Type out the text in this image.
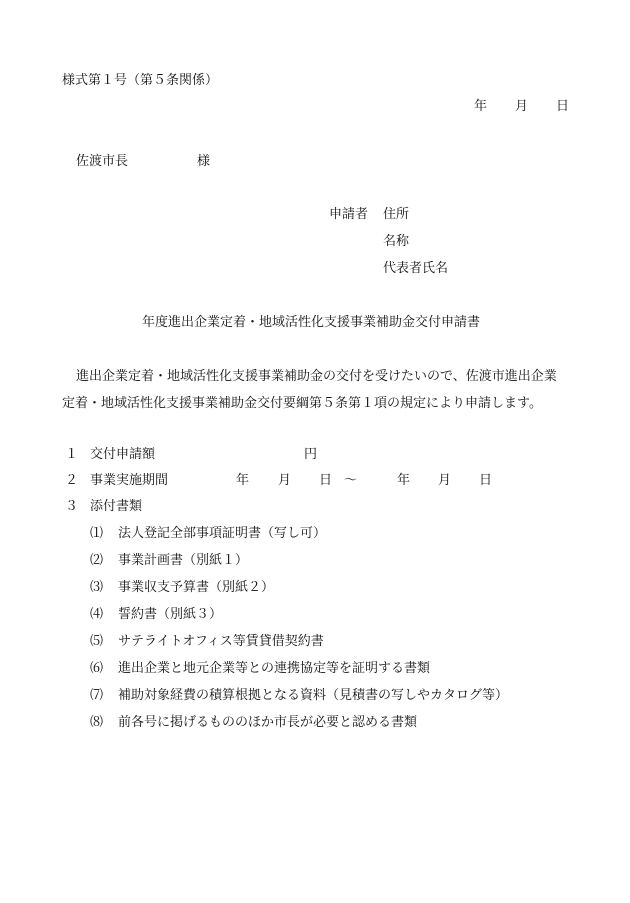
様式第１号（第５条関係）
年 月 日
佐渡市長	様
申請者 住所
名称
代表者氏名
年度進出企業定着・地域活性化支援事業補助金交付申請書
進出企業定着・地域活性化支援事業補助金の交付を受けたいので、佐渡市進出企業
定着・地域活性化支援事業補助金交付要綱第５条第１項の規定により申請します。
１ 交付申請額	円
２ 事業実施期間	年 月 日 ～	年 月 日
３ 添付書類
⑴ 法人登記全部事項証明書（写し可）
⑵ 事業計画書（別紙１）
⑶ 事業収支予算書（別紙２）
⑷ 誓約書（別紙３）
⑸ サテライトオフィス等賃貸借契約書
⑹ 進出企業と地元企業等との連携協定等を証明する書類
⑺ 補助対象経費の積算根拠となる資料（見積書の写しやカタログ等）
⑻ 前各号に掲げるもののほか市長が必要と認める書類
